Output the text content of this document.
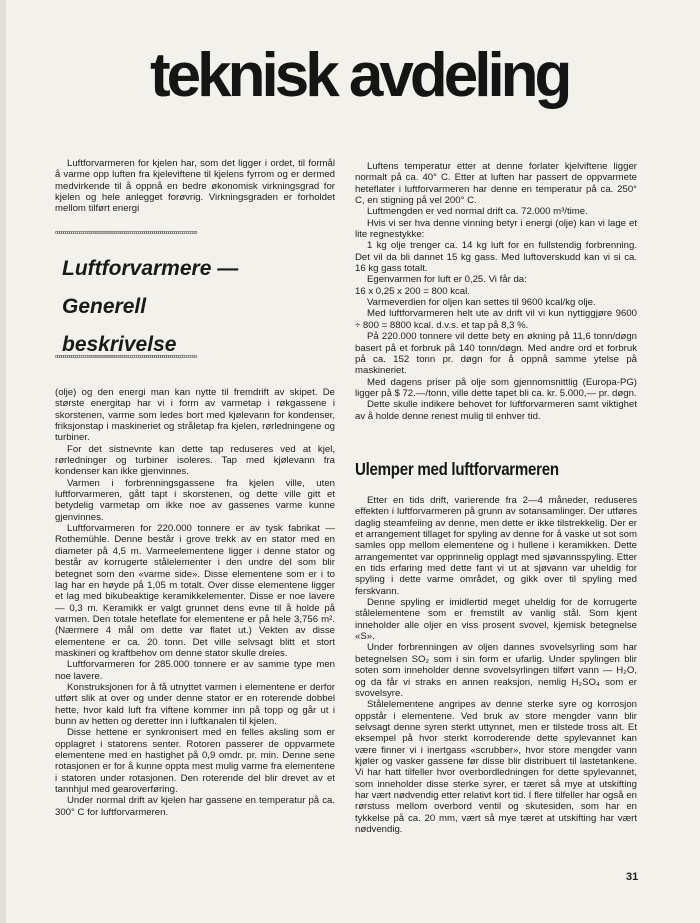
teknisk avdeling

Luftforvarmeren for kjelen har, som det ligger i ordet, til formål å varme opp luften fra kjeleviftene til kjelens fyrrom og er dermed medvirkende til å oppnå en bedre økonomisk virkningsgrad for kjelen og hele anlegget forøvrig. Virkningsgraden er forholdet mellom tilført energi

ᵒᵒᵒᵒᵒᵒᵒᵒᵒᵒᵒᵒᵒᵒᵒᵒᵒᵒᵒᵒᵒᵒᵒᵒᵒᵒᵒᵒᵒᵒᵒᵒᵒᵒᵒᵒᵒᵒᵒᵒᵒᵒᵒᵒᵒᵒᵒᵒᵒᵒᵒᵒᵒᵒᵒᵒᵒᵒᵒᵒᵒᵒᵒᵒᵒᵒᵒᵒᵒᵒ
Luftforvarmere —
Generell
beskrivelse
ᵒᵒᵒᵒᵒᵒᵒᵒᵒᵒᵒᵒᵒᵒᵒᵒᵒᵒᵒᵒᵒᵒᵒᵒᵒᵒᵒᵒᵒᵒᵒᵒᵒᵒᵒᵒᵒᵒᵒᵒᵒᵒᵒᵒᵒᵒᵒᵒᵒᵒᵒᵒᵒᵒᵒᵒᵒᵒᵒᵒᵒᵒᵒᵒᵒᵒᵒᵒᵒᵒ

(olje) og den energi man kan nytte til fremdrift av skipet. De største energitap har vi i form av varmetap i røkgassene i skorstenen, varme som ledes bort med kjølevann for kondenser, friksjonstap i maskineriet og stråletap fra kjelen, rørledningene og turbiner.

For det sistnevnte kan dette tap reduseres ved at kjel, rørledninger og turbiner isoleres. Tap med kjølevann fra kondenser kan ikke gjenvinnes.

Varmen i forbrenningsgassene fra kjelen ville, uten luftforvarmeren, gått tapt i skorstenen, og dette ville gitt et betydelig varmetap om ikke noe av gassenes varme kunne gjenvinnes.

Luftforvarmeren for 220.000 tonnere er av tysk fabrikat — Rothemühle. Denne består i grove trekk av en stator med en diameter på 4,5 m. Varmeelementene ligger i denne stator og består av korrugerte stålelementer i den undre del som blir betegnet som den «varme side». Disse elementene som er i to lag har en høyde på 1,05 m totalt. Over disse elementene ligger et lag med bikubeaktige keramikkelementer. Disse er noe lavere — 0,3 m. Keramikk er valgt grunnet dens evne til å holde på varmen. Den totale heteflate for elementene er på hele 3,756 m². (Nærmere 4 mål om dette var flatet ut.) Vekten av disse elementene er ca. 20 tonn. Det ville selvsagt blitt et stort maskineri og kraftbehov om denne stator skulle dreies.

Luftforvarmeren for 285.000 tonnere er av samme type men noe lavere.

Konstruksjonen for å få utnyttet varmen i elementene er derfor utført slik at over og under denne stator er en roterende dobbel hette, hvor kald luft fra viftene kommer inn på topp og går ut i bunn av hetten og deretter inn i luftkanalen til kjelen.

Disse hettene er synkronisert med en felles aksling som er opplagret i statorens senter. Rotoren passerer de oppvarmete elementene med en hastighet på 0,9 omdr. pr. min. Denne sene rotasjonen er for å kunne oppta mest mulig varme fra elementene i statoren under rotasjonen. Den roterende del blir drevet av et tannhjul med gearoverføring.

Under normal drift av kjelen har gassene en temperatur på ca. 300° C for luftforvarmeren.

Luftens temperatur etter at denne forlater kjelviftene ligger normalt på ca. 40° C. Etter at luften har passert de oppvarmete heteflater i luftforvarmeren har denne en temperatur på ca. 250° C, en stigning på vel 200° C.

Luftmengden er ved normal drift ca. 72.000 m³/time.

Hvis vi ser hva denne vinning betyr i energi (olje) kan vi lage et lite regnestykke:

1 kg olje trenger ca. 14 kg luft for en fullstendig forbrenning. Det vil da bli dannet 15 kg gass. Med luftoverskudd kan vi si ca. 16 kg gass totalt.

Egenvarmen for luft er 0,25. Vi får da:

16 x 0,25 x 200 = 800 kcal.

Varmeverdien for oljen kan settes til 9600 kcal/kg olje.

Med luftforvarmeren helt ute av drift vil vi kun nyttiggjøre 9600 ÷ 800 = 8800 kcal. d.v.s. et tap på 8,3 %.

På 220.000 tonnere vil dette bety en økning på 11,6 tonn/døgn basert på et forbruk på 140 tonn/døgn. Med andre ord et forbruk på ca. 152 tonn pr. døgn for å oppnå samme ytelse på maskineriet.

Med dagens priser på olje som gjennomsnittlig (Europa-PG) ligger på $ 72.—/tonn, ville dette tapet bli ca. kr. 5.000,— pr. døgn.

Dette skulle indikere behovet for luftforvarmeren samt viktighet av å holde denne renest mulig til enhver tid.

Ulemper med luftforvarmeren

Etter en tids drift, varierende fra 2—4 måneder, reduseres effekten i luftforvarmeren på grunn av sotansamlinger. Der utføres daglig steamfeiing av denne, men dette er ikke tilstrekkelig. Der er et arrangement tillaget for spyling av denne for å vaske ut sot som samles opp mellom elementene og i hullene i keramikken. Dette arrangementet var opprinnelig opplagt med sjøvannsspyling. Etter en tids erfaring med dette fant vi ut at sjøvann var uheldig for spyling i dette varme området, og gikk over til spyling med ferskvann.

Denne spyling er imidlertid meget uheldig for de korrugerte stålelementene som er fremstilt av vanlig stål. Som kjent inneholder alle oljer en viss prosent svovel, kjemisk betegnelse «S».

Under forbrenningen av oljen dannes svovelsyrling som har betegnelsen SO₂ som i sin form er ufarlig. Under spylingen blir soten som inneholder denne svovelsyrlingen tilført vann — H₂O, og da får vi straks en annen reaksjon, nemlig H₂SO₄ som er svovelsyre.

Stålelementene angripes av denne sterke syre og korrosjon oppstår i elementene. Ved bruk av store mengder vann blir selvsagt denne syren sterkt uttynnet, men er tilstede tross alt. Et eksempel på hvor sterkt korroderende dette spylevannet kan være finner vi i inertgass «scrubber», hvor store mengder vann kjøler og vasker gassene før disse blir distribuert til lastetankene. Vi har hatt tilfeller hvor overbordledningen for dette spylevannet, som inneholder disse sterke syrer, er tæret så mye at utskifting har vært nødvendig etter relativt kort tid. I flere tilfeller har også en rørstuss mellom overbord ventil og skutesiden, som har en tykkelse på ca. 20 mm, vært så mye tæret at utskifting har vært nødvendig.

31
